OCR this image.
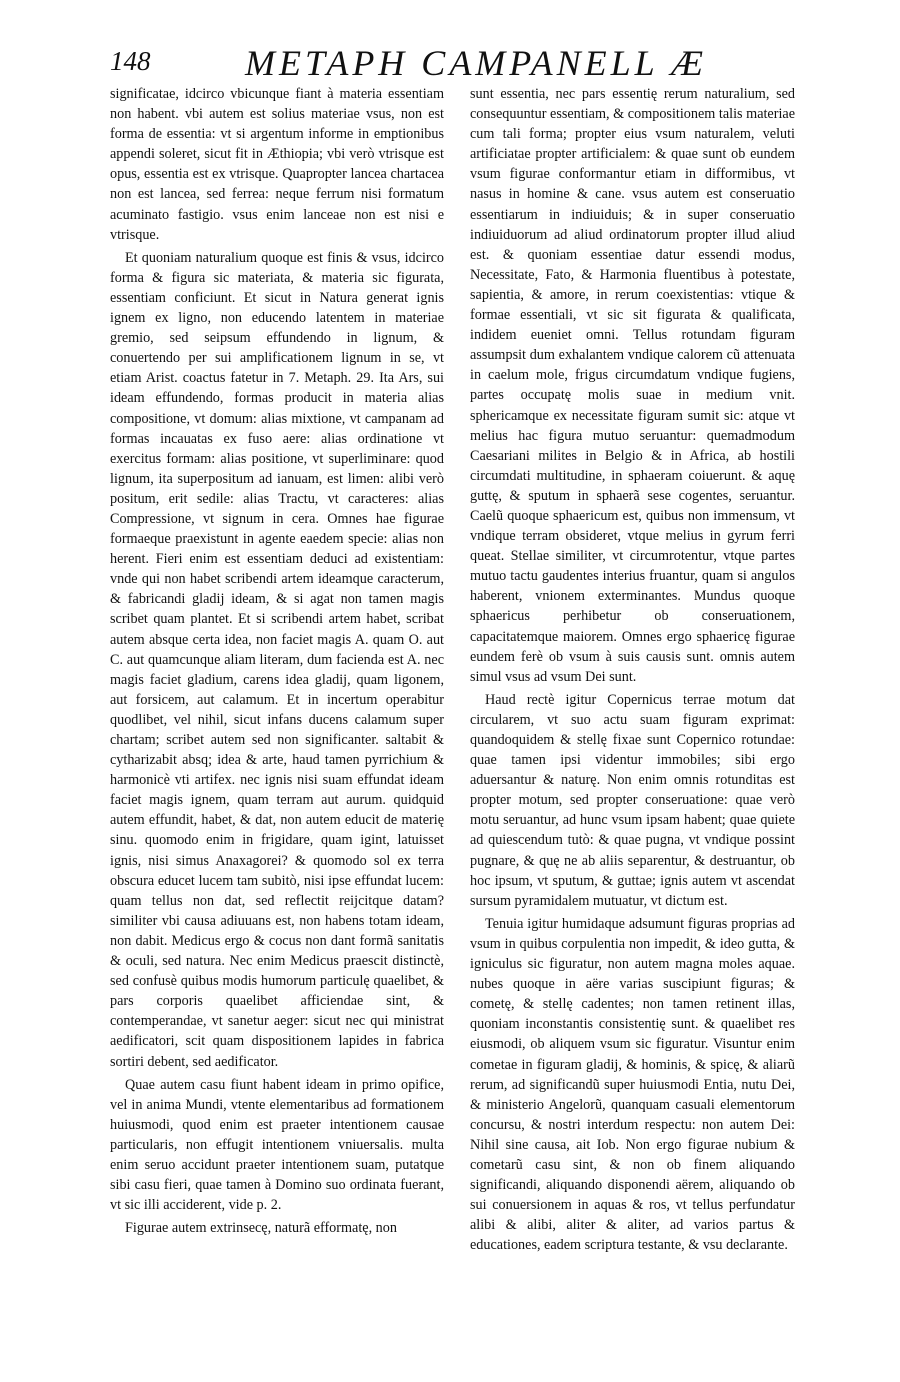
148	METAPH CAMPANELL Æ

significatae, idcirco vbicunque fiant à materia essentiam non habent. vbi autem est solius materiae vsus, non est forma de essentia: vt si argentum informe in emptionibus appendi soleret, sicut fit in Æthiopia; vbi verò vtrisque est opus, essentia est ex vtrisque. Quapropter lancea chartacea non est lancea, sed ferrea: neque ferrum nisi formatum acuminato fastigio. vsus enim lanceae non est nisi e vtrisque.

Et quoniam naturalium quoque est finis & vsus, idcirco forma & figura sic materiata, & materia sic figurata, essentiam conficiunt. Et sicut in Natura generat ignis ignem ex ligno, non educendo latentem in materiae gremio, sed seipsum effundendo in lignum, & conuertendo per sui amplificationem lignum in se, vt etiam Arist. coactus fatetur in 7. Metaph. 29. Ita Ars, sui ideam effundendo, formas producit in materia alias compositione, vt domum: alias mixtione, vt campanam ad formas incauatas ex fuso aere: alias ordinatione vt exercitus formam: alias positione, vt superliminare: quod lignum, ita superpositum ad ianuam, est limen: alibi verò positum, erit sedile: alias Tractu, vt caracteres: alias Compressione, vt signum in cera. Omnes hae figurae formaeque praexistunt in agente eaedem specie: alias non herent. Fieri enim est essentiam deduci ad existentiam: vnde qui non habet scribendi artem ideamque caracterum, & fabricandi gladij ideam, & si agat non tamen magis scribet quam plantet. Et si scribendi artem habet, scribat autem absque certa idea, non faciet magis A. quam O. aut C. aut quamcunque aliam literam, dum facienda est A. nec magis faciet gladium, carens idea gladij, quam ligonem, aut forsicem, aut calamum. Et in incertum operabitur quodlibet, vel nihil, sicut infans ducens calamum super chartam; scribet autem sed non significanter. saltabit & cytharizabit absq; idea & arte, haud tamen pyrrichium & harmonicè vti artifex. nec ignis nisi suam effundat ideam faciet magis ignem, quam terram aut aurum. quidquid autem effundit, habet, & dat, non autem educit de materię sinu. quomodo enim in frigidare, quam igint, latuisset ignis, nisi simus Anaxagorei? & quomodo sol ex terra obscura educet lucem tam subitò, nisi ipse effundat lucem: quam tellus non dat, sed reflectit reijcitque datam? similiter vbi causa adiuuans est, non habens totam ideam, non dabit. Medicus ergo & cocus non dant formã sanitatis & oculi, sed natura. Nec enim Medicus praescit distinctè, sed confusè quibus modis humorum particulę quaelibet, & pars corporis quaelibet afficiendae sint, & contemperandae, vt sanetur aeger: sicut nec qui ministrat aedificatori, scit quam dispositionem lapides in fabrica sortiri debent, sed aedificator.

Quae autem casu fiunt habent ideam in primo opifice, vel in anima Mundi, vtente elementaribus ad formationem huiusmodi, quod enim est praeter intentionem causae particularis, non effugit intentionem vniuersalis. multa enim seruo accidunt praeter intentionem suam, putatque sibi casu fieri, quae tamen à Domino suo ordinata fuerant, vt sic illi acciderent, vide p. 2.

Figurae autem extrinsecę, naturã efformatę, non

sunt essentia, nec pars essentię rerum naturalium, sed consequuntur essentiam, & compositionem talis materiae cum tali forma; propter eius vsum naturalem, veluti artificiatae propter artificialem: & quae sunt ob eundem vsum figurae conformantur etiam in difformibus, vt nasus in homine & cane. vsus autem est conseruatio essentiarum in indiuiduis; & in super conseruatio indiuiduorum ad aliud ordinatorum propter illud aliud est. & quoniam essentiae datur essendi modus, Necessitate, Fato, & Harmonia fluentibus à potestate, sapientia, & amore, in rerum coexistentias: vtique & formae essentiali, vt sic sit figurata & qualificata, indidem eueniet omni. Tellus rotundam figuram assumpsit dum exhalantem vndique calorem cũ attenuata in caelum mole, frigus circumdatum vndique fugiens, partes occupatę molis suae in medium vnit. sphericamque ex necessitate figuram sumit sic: atque vt melius hac figura mutuo seruantur: quemadmodum Caesariani milites in Belgio & in Africa, ab hostili circumdati multitudine, in sphaeram coiuerunt. & aquę guttę, & sputum in sphaerã sese cogentes, seruantur. Caelũ quoque sphaericum est, quibus non immensum, vt vndique terram obsideret, vtque melius in gyrum ferri queat. Stellae similiter, vt circumrotentur, vtque partes mutuo tactu gaudentes interius fruantur, quam si angulos haberent, vnionem exterminantes. Mundus quoque sphaericus perhibetur ob conseruationem, capacitatemque maiorem. Omnes ergo sphaericę figurae eundem ferè ob vsum à suis causis sunt. omnis autem simul vsus ad vsum Dei sunt.

Haud rectè igitur Copernicus terrae motum dat circularem, vt suo actu suam figuram exprimat: quandoquidem & stellę fixae sunt Copernico rotundae: quae tamen ipsi videntur immobiles; sibi ergo aduersantur & naturę. Non enim omnis rotunditas est propter motum, sed propter conseruatione: quae verò motu seruantur, ad hunc vsum ipsam habent; quae quiete ad quiescendum tutò: & quae pugna, vt vndique possint pugnare, & quę ne ab aliis separentur, & destruantur, ob hoc ipsum, vt sputum, & guttae; ignis autem vt ascendat sursum pyramidalem mutuatur, vt dictum est.

Tenuia igitur humidaque adsumunt figuras proprias ad vsum in quibus corpulentia non impedit, & ideo gutta, & igniculus sic figuratur, non autem magna moles aquae. nubes quoque in aëre varias suscipiunt figuras; & cometę, & stellę cadentes; non tamen retinent illas, quoniam inconstantis consistentię sunt. & quaelibet res eiusmodi, ob aliquem vsum sic figuratur. Visuntur enim cometae in figuram gladij, & hominis, & spicę, & aliarũ rerum, ad significandũ super huiusmodi Entia, nutu Dei, & ministerio Angelorũ, quanquam casuali elementorum concursu, & nostri interdum respectu: non autem Dei: Nihil sine causa, ait Iob. Non ergo figurae nubium & cometarũ casu sint, & non ob finem aliquando significandi, aliquando disponendi aërem, aliquando ob sui conuersionem in aquas & ros, vt tellus perfundatur alibi & alibi, aliter & aliter, ad varios partus & educationes, eadem scriptura testante, & vsu declarante.
